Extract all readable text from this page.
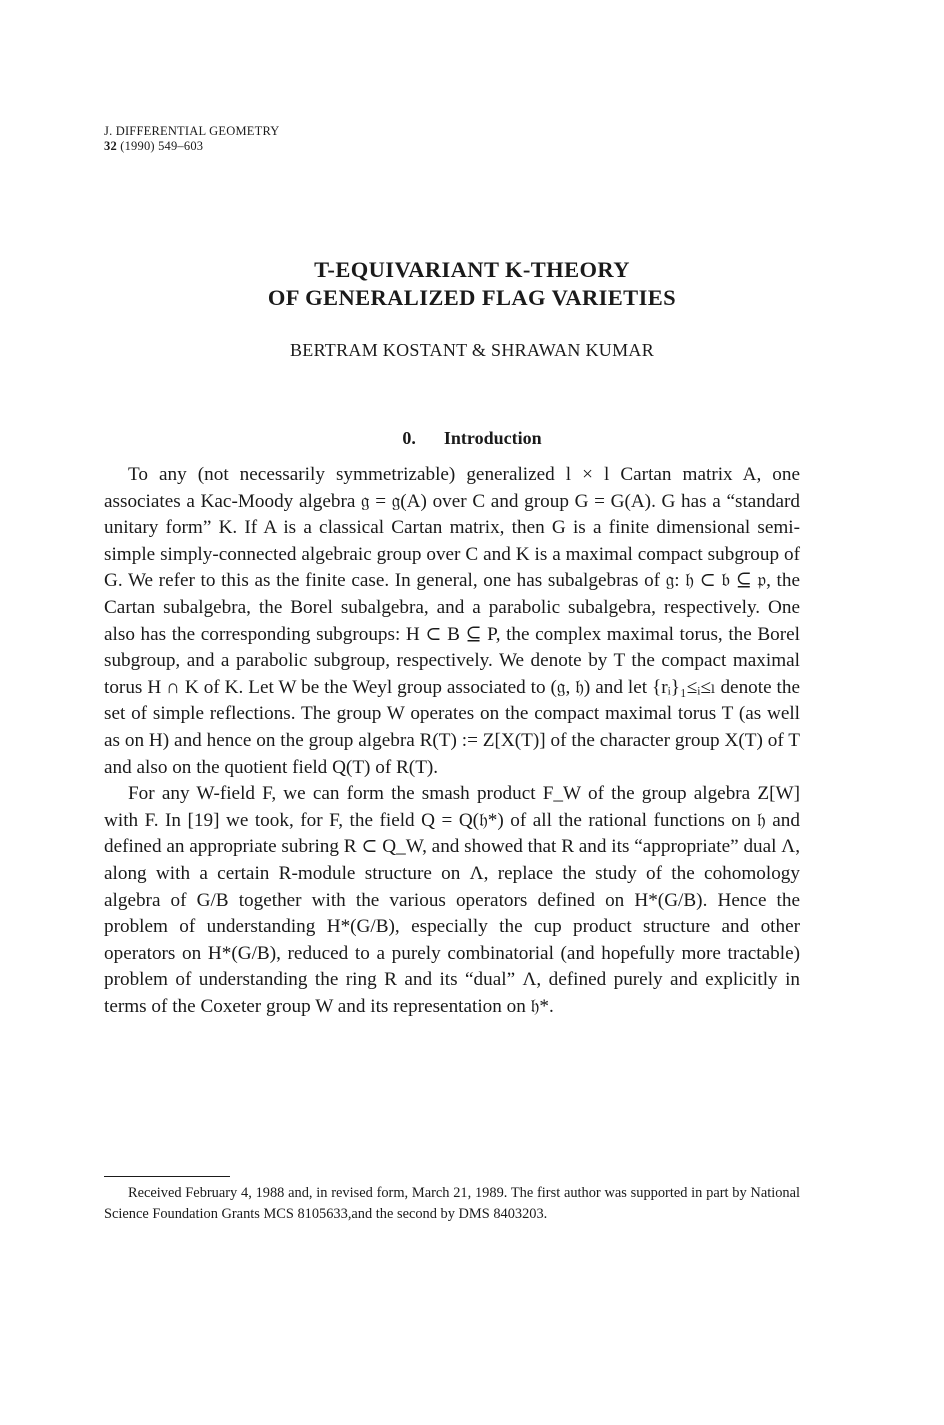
J. DIFFERENTIAL GEOMETRY
32 (1990) 549–603
T-EQUIVARIANT K-THEORY
OF GENERALIZED FLAG VARIETIES
BERTRAM KOSTANT & SHRAWAN KUMAR
0. Introduction

To any (not necessarily symmetrizable) generalized l × l Cartan matrix A, one associates a Kac-Moody algebra 𝔤 = 𝔤(A) over C and group G = G(A). G has a “standard unitary form” K. If A is a classical Cartan matrix, then G is a finite dimensional semi-simple simply-connected algebraic group over C and K is a maximal compact subgroup of G. We refer to this as the finite case. In general, one has subalgebras of 𝔤: 𝔥 ⊂ 𝔟 ⊆ 𝔭, the Cartan subalgebra, the Borel subalgebra, and a parabolic subalgebra, respectively. One also has the corresponding subgroups: H ⊂ B ⊆ P, the complex maximal torus, the Borel subgroup, and a parabolic subgroup, respectively. We denote by T the compact maximal torus H ∩ K of K. Let W be the Weyl group associated to (𝔤, 𝔥) and let {rᵢ}₁≤ᵢ≤ₗ denote the set of simple reflections. The group W operates on the compact maximal torus T (as well as on H) and hence on the group algebra R(T) := Z[X(T)] of the character group X(T) of T and also on the quotient field Q(T) of R(T).

For any W-field F, we can form the smash product F_W of the group algebra Z[W] with F. In [19] we took, for F, the field Q = Q(𝔥*) of all the rational functions on 𝔥 and defined an appropriate subring R ⊂ Q_W, and showed that R and its “appropriate” dual Λ, along with a certain R-module structure on Λ, replace the study of the cohomology algebra of G/B together with the various operators defined on H*(G/B). Hence the problem of understanding H*(G/B), especially the cup product structure and other operators on H*(G/B), reduced to a purely combinatorial (and hopefully more tractable) problem of understanding the ring R and its “dual” Λ, defined purely and explicitly in terms of the Coxeter group W and its representation on 𝔥*.

Received February 4, 1988 and, in revised form, March 21, 1989. The first author was supported in part by National Science Foundation Grants MCS 8105633,and the second by DMS 8403203.
